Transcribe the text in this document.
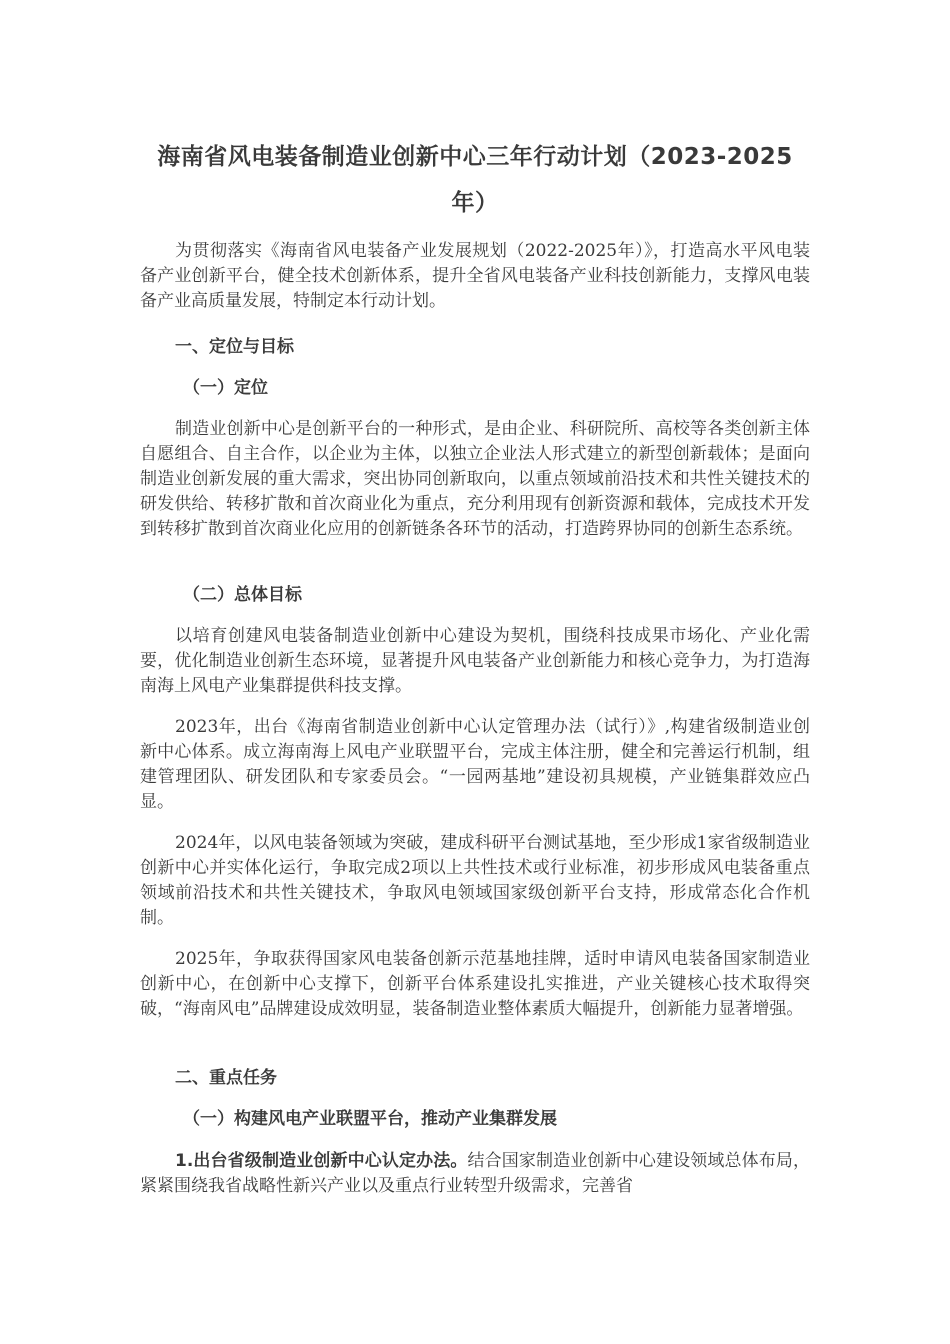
海南省风电装备制造业创新中心三年行动计划（2023-2025年）

为贯彻落实《海南省风电装备产业发展规划（2022-2025年）》，打造高水平风电装备产业创新平台，健全技术创新体系，提升全省风电装备产业科技创新能力，支撑风电装备产业高质量发展，特制定本行动计划。

一、定位与目标

（一）定位

制造业创新中心是创新平台的一种形式，是由企业、科研院所、高校等各类创新主体自愿组合、自主合作，以企业为主体，以独立企业法人形式建立的新型创新载体；是面向制造业创新发展的重大需求，突出协同创新取向，以重点领域前沿技术和共性关键技术的研发供给、转移扩散和首次商业化为重点，充分利用现有创新资源和载体，完成技术开发到转移扩散到首次商业化应用的创新链条各环节的活动，打造跨界协同的创新生态系统。

（二）总体目标

以培育创建风电装备制造业创新中心建设为契机，围绕科技成果市场化、产业化需要，优化制造业创新生态环境，显著提升风电装备产业创新能力和核心竞争力，为打造海南海上风电产业集群提供科技支撑。

2023年，出台《海南省制造业创新中心认定管理办法（试行）》,构建省级制造业创新中心体系。成立海南海上风电产业联盟平台，完成主体注册，健全和完善运行机制，组建管理团队、研发团队和专家委员会。“一园两基地”建设初具规模，产业链集群效应凸显。

2024年，以风电装备领域为突破，建成科研平台测试基地，至少形成1家省级制造业创新中心并实体化运行，争取完成2项以上共性技术或行业标准，初步形成风电装备重点领域前沿技术和共性关键技术，争取风电领域国家级创新平台支持，形成常态化合作机制。

2025年，争取获得国家风电装备创新示范基地挂牌，适时申请风电装备国家制造业创新中心，在创新中心支撑下，创新平台体系建设扎实推进，产业关键核心技术取得突破，“海南风电”品牌建设成效明显，装备制造业整体素质大幅提升，创新能力显著增强。

二、重点任务

（一）构建风电产业联盟平台，推动产业集群发展

1.出台省级制造业创新中心认定办法。结合国家制造业创新中心建设领域总体布局，紧紧围绕我省战略性新兴产业以及重点行业转型升级需求，完善省
